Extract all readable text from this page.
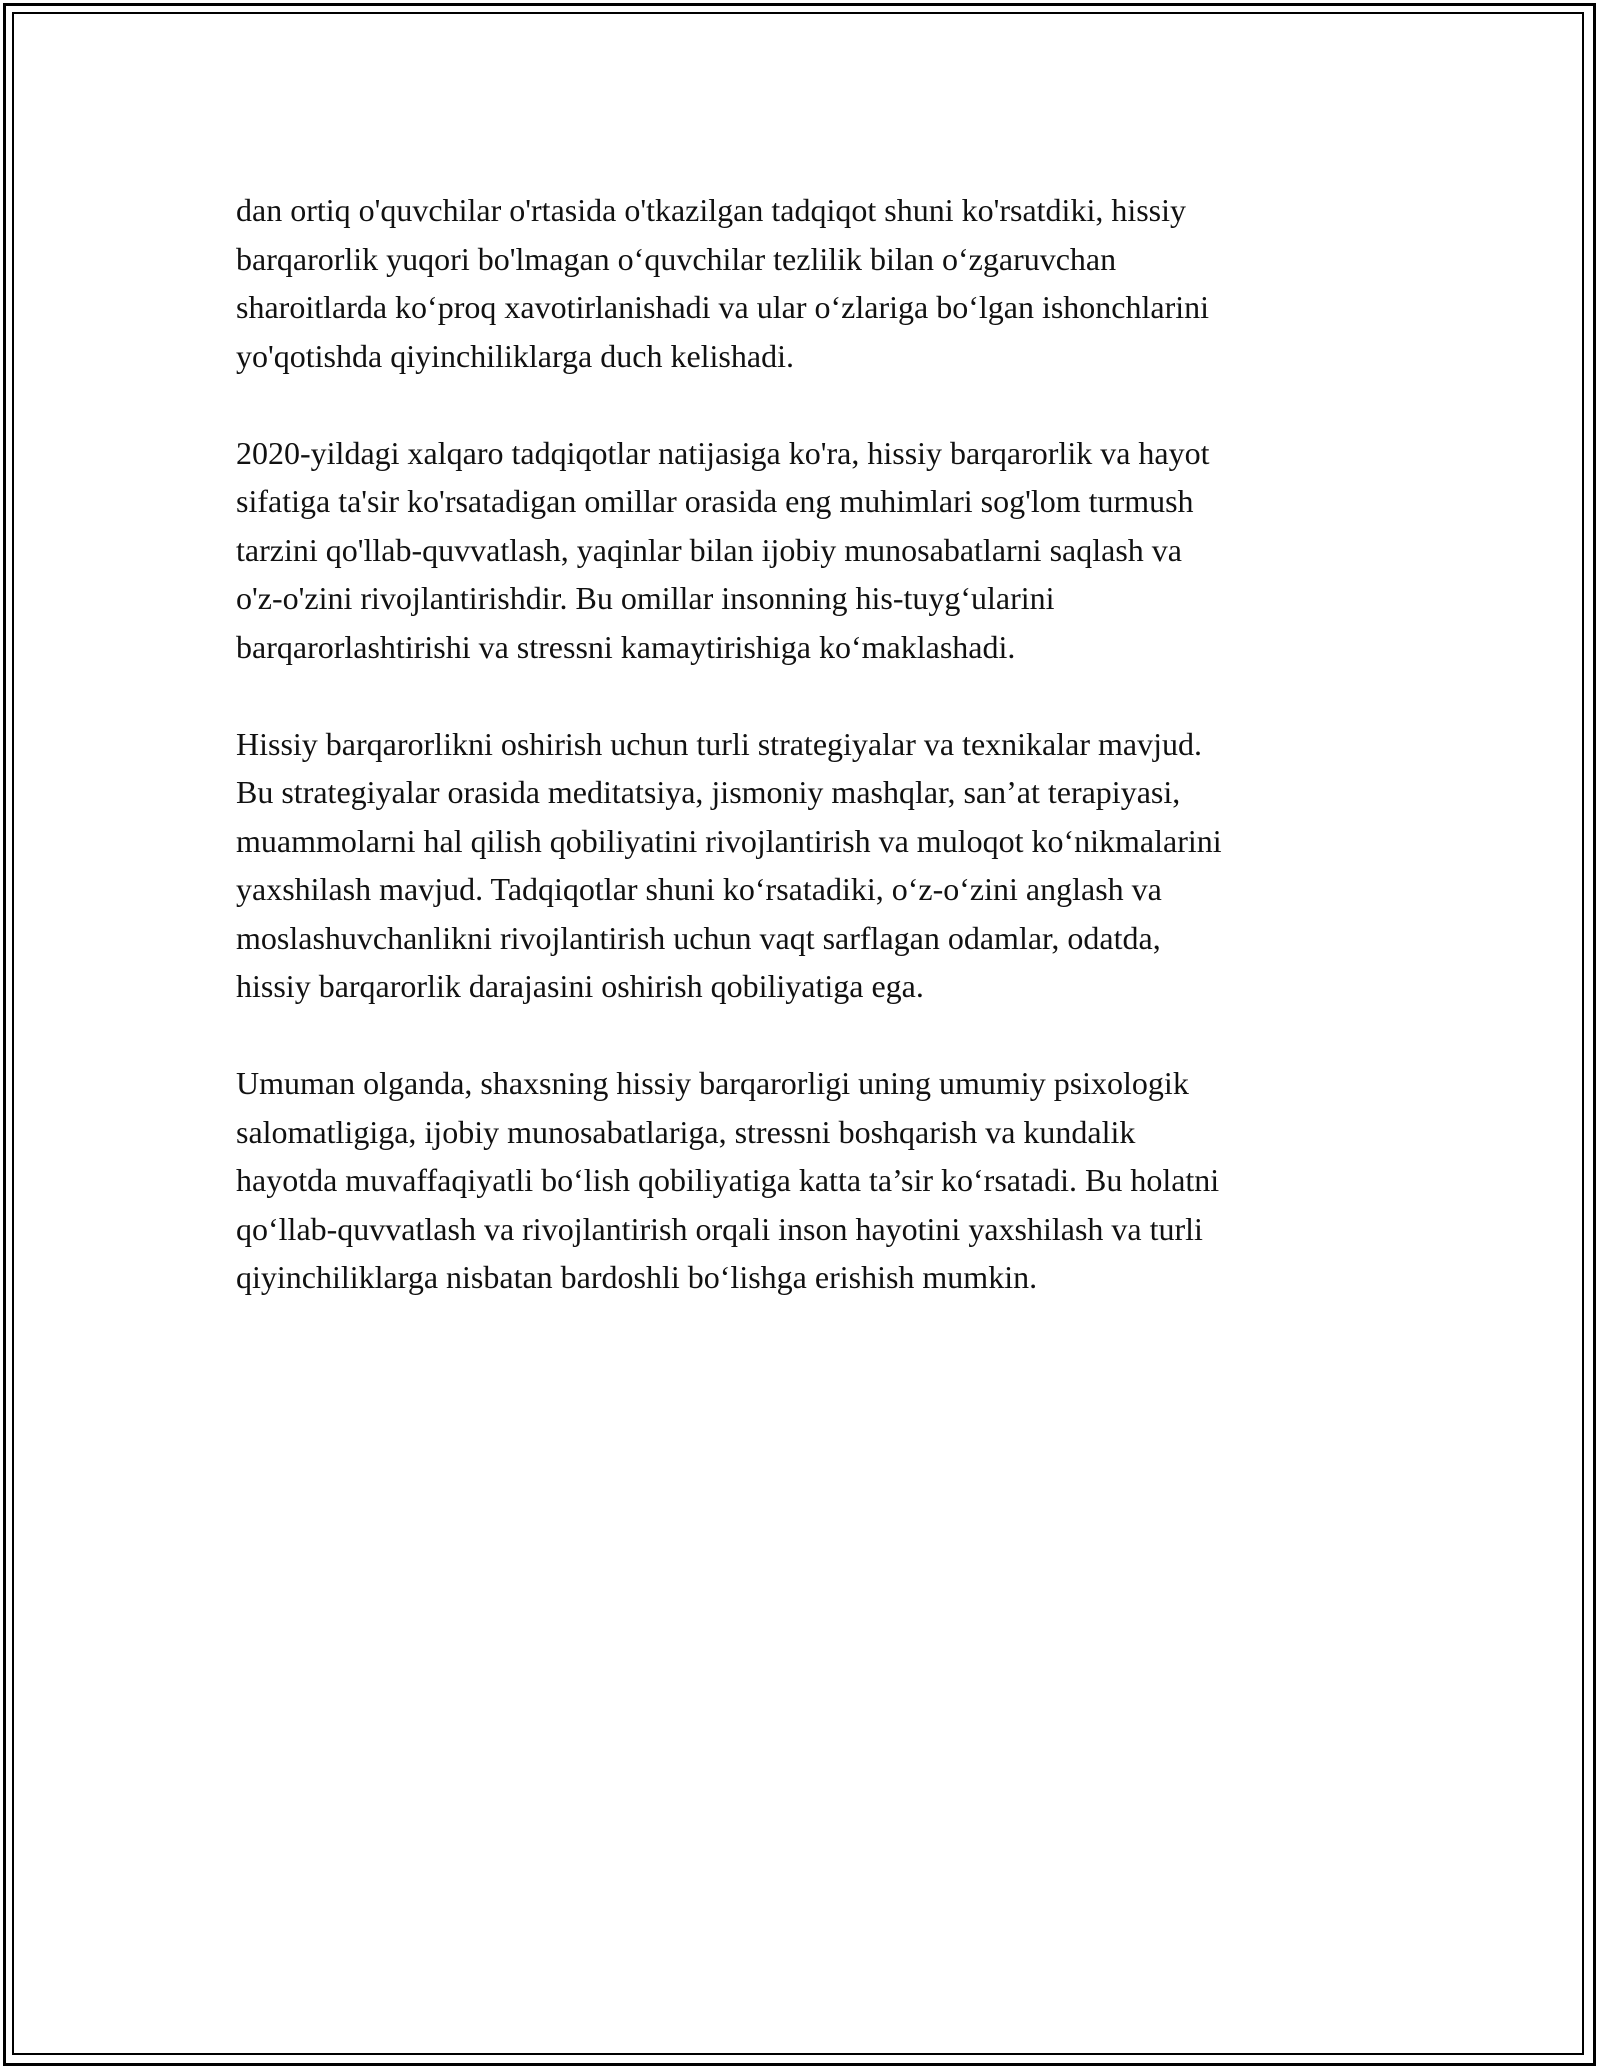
dan ortiq o'quvchilar o'rtasida o'tkazilgan tadqiqot shuni ko'rsatdiki, hissiy
barqarorlik yuqori bo'lmagan o‘quvchilar tezlilik bilan o‘zgaruvchan
sharoitlarda ko‘proq xavotirlanishadi va ular o‘zlariga bo‘lgan ishonchlarini
yo'qotishda qiyinchiliklarga duch kelishadi.

2020-yildagi xalqaro tadqiqotlar natijasiga ko'ra, hissiy barqarorlik va hayot
sifatiga ta'sir ko'rsatadigan omillar orasida eng muhimlari sog'lom turmush
tarzini qo'llab-quvvatlash, yaqinlar bilan ijobiy munosabatlarni saqlash va
o'z-o'zini rivojlantirishdir. Bu omillar insonning his-tuyg‘ularini
barqarorlashtirishi va stressni kamaytirishiga ko‘maklashadi.

Hissiy barqarorlikni oshirish uchun turli strategiyalar va texnikalar mavjud.
Bu strategiyalar orasida meditatsiya, jismoniy mashqlar, san’at terapiyasi,
muammolarni hal qilish qobiliyatini rivojlantirish va muloqot ko‘nikmalarini
yaxshilash mavjud. Tadqiqotlar shuni ko‘rsatadiki, o‘z-o‘zini anglash va
moslashuvchanlikni rivojlantirish uchun vaqt sarflagan odamlar, odatda,
hissiy barqarorlik darajasini oshirish qobiliyatiga ega.

Umuman olganda, shaxsning hissiy barqarorligi uning umumiy psixologik
salomatligiga, ijobiy munosabatlariga, stressni boshqarish va kundalik
hayotda muvaffaqiyatli bo‘lish qobiliyatiga katta ta’sir ko‘rsatadi. Bu holatni
qo‘llab-quvvatlash va rivojlantirish orqali inson hayotini yaxshilash va turli
qiyinchiliklarga nisbatan bardoshli bo‘lishga erishish mumkin.
